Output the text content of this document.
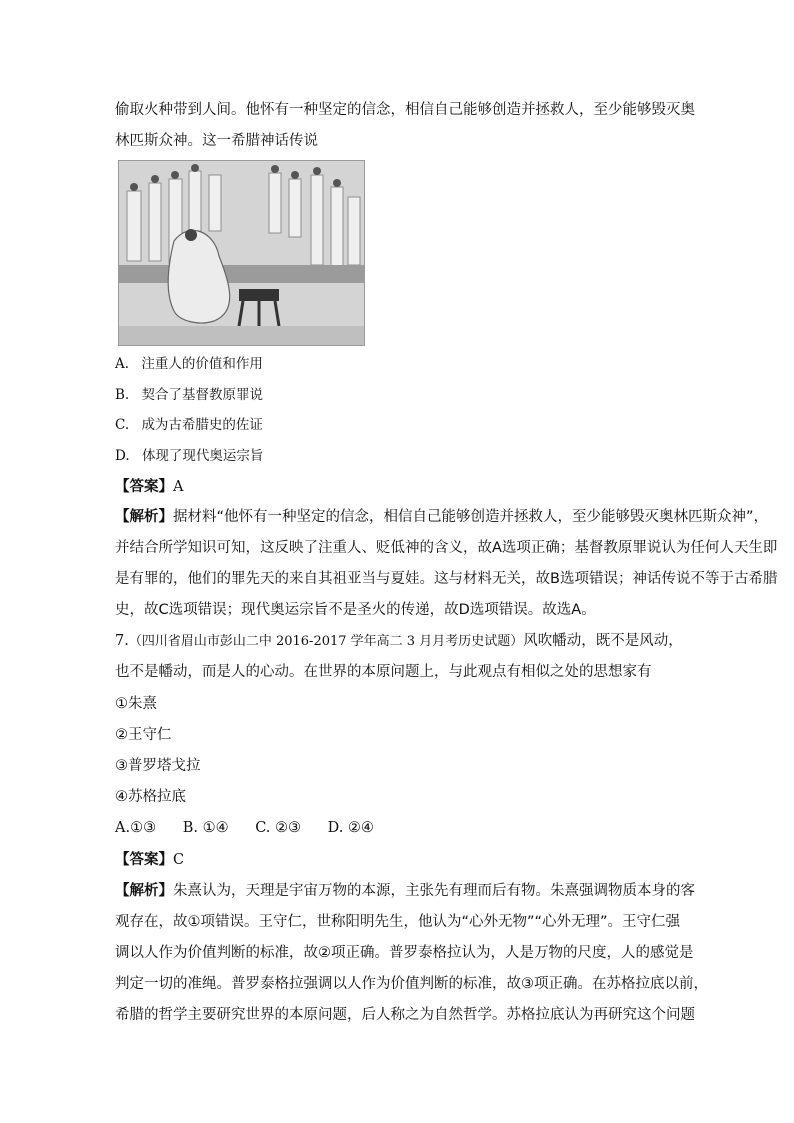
偷取火种带到人间。他怀有一种坚定的信念，相信自己能够创造并拯救人，至少能够毁灭奥
林匹斯众神。这一希腊神话传说
A. 注重人的价值和作用
B. 契合了基督教原罪说
C. 成为古希腊史的佐证
D. 体现了现代奥运宗旨
【答案】A
【解析】据材料“他怀有一种坚定的信念，相信自己能够创造并拯救人，至少能够毁灭奥林匹斯众神”，
并结合所学知识可知，这反映了注重人、贬低神的含义，故A选项正确；基督教原罪说认为任何人天生即
是有罪的，他们的罪先天的来自其祖亚当与夏娃。这与材料无关，故B选项错误；神话传说不等于古希腊
史，故C选项错误；现代奥运宗旨不是圣火的传递，故D选项错误。故选A。
7.（四川省眉山市彭山二中 2016-2017 学年高二 3 月月考历史试题）风吹幡动，既不是风动，
也不是幡动，而是人的心动。在世界的本原问题上，与此观点有相似之处的思想家有
①朱熹
②王守仁
③普罗塔戈拉
④苏格拉底
A.①③ B. ①④ C. ②③ D. ②④
【答案】C
【解析】朱熹认为，天理是宇宙万物的本源，主张先有理而后有物。朱熹强调物质本身的客
观存在，故①项错误。王守仁，世称阳明先生，他认为“心外无物”“心外无理”。王守仁强
调以人作为价值判断的标准，故②项正确。普罗泰格拉认为，人是万物的尺度，人的感觉是
判定一切的准绳。普罗泰格拉强调以人作为价值判断的标准，故③项正确。在苏格拉底以前，
希腊的哲学主要研究世界的本原问题，后人称之为自然哲学。苏格拉底认为再研究这个问题
